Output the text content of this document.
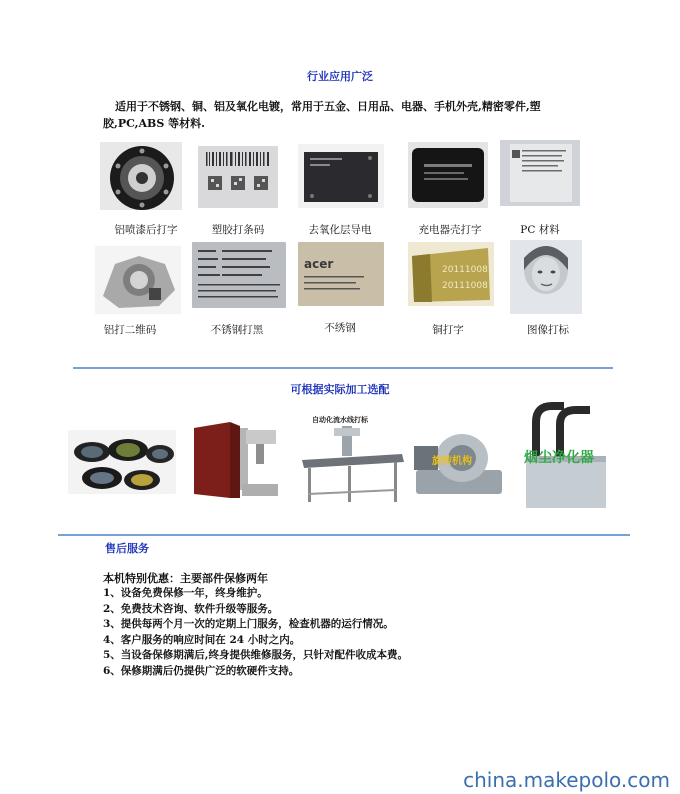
行业应用广泛
适用于不锈钢、铜、铝及氧化电镀，常用于五金、日用品、电器、手机外壳,精密零件,塑胶,PC,ABS 等材料.
铝喷漆后打字	塑胶打条码	去氧化层导电	充电器壳打字	PC 材料
acer	20111008
20111008
铝打二维码	不锈钢打黑	不绣钢	铜打字	图像打标
可根据实际加工选配
自动化流水线打标
旋转机构	烟尘净化器
售后服务
本机特别优惠：主要部件保修两年
1、设备免费保修一年，终身维护。
2、免费技术咨询、软件升级等服务。
3、提供每两个月一次的定期上门服务，检查机器的运行情况。
4、客户服务的响应时间在 24 小时之内。
5、当设备保修期满后,终身提供维修服务，只针对配件收成本费。
6、保修期满后仍提供广泛的软硬件支持。
china.makepolo.com
